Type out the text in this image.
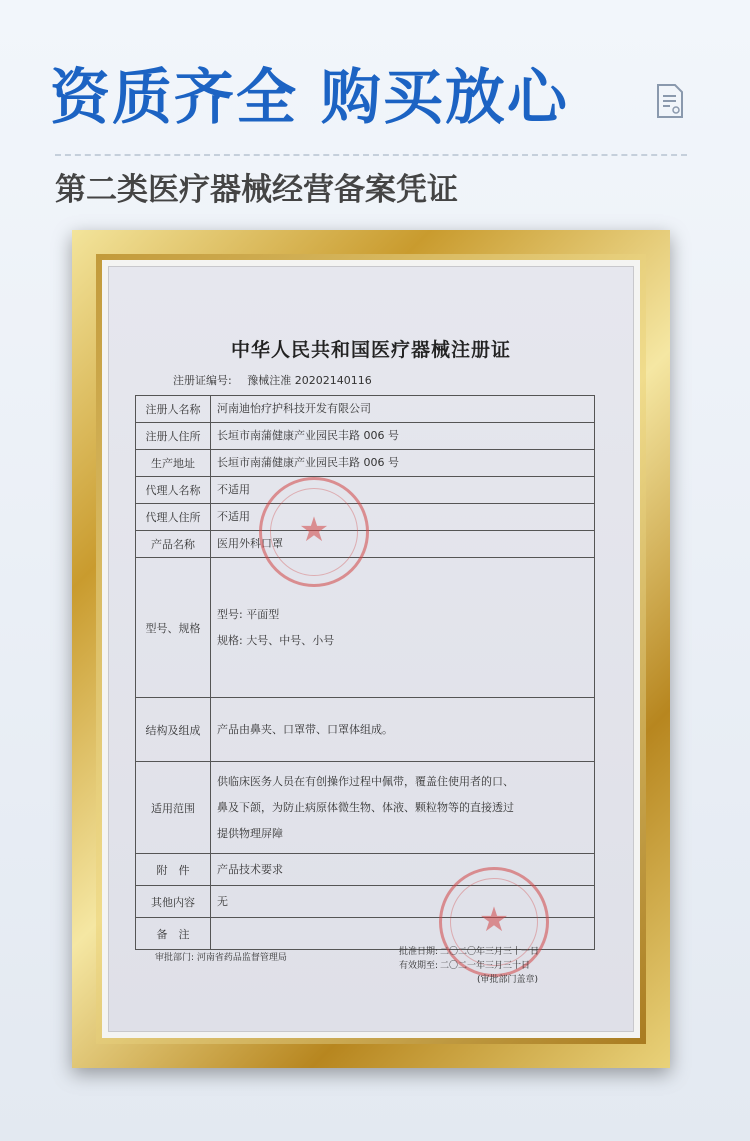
资质齐全 购买放心
第二类医疗器械经营备案凭证
中华人民共和国医疗器械注册证
注册证编号: 豫械注准 20202140116
注册人名称	河南迪怡疗护科技开发有限公司

注册人住所	长垣市南蒲健康产业园民丰路 006 号

生产地址	长垣市南蒲健康产业园民丰路 006 号

代理人名称	不适用

代理人住所	不适用

产品名称	医用外科口罩

型号、规格	型号: 平面型
规格: 大号、中号、小号

结构及组成	产品由鼻夹、口罩带、口罩体组成。

适用范围	供临床医务人员在有创操作过程中佩带，覆盖住使用者的口、
鼻及下颌，为防止病原体微生物、体液、颗粒物等的直接透过
提供物理屏障

附　件	产品技术要求

其他内容	无

备　注	
★
★
审批部门: 河南省药品监督管理局
批准日期: 二〇二〇年三月三十一日
有效期至: 二〇二一年三月三十日
(审批部门盖章)
